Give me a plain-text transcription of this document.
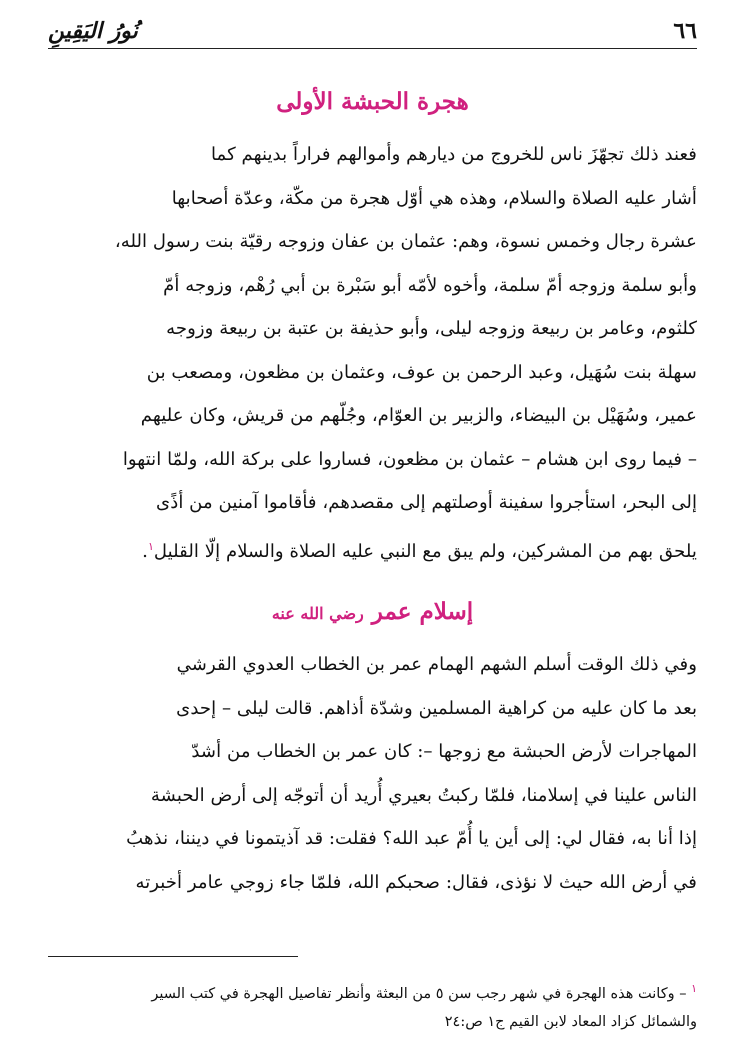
٦٦
نُورُ اليَقِينِ
هجرة الحبشة الأولى

فعند ذلك تجهّزَ ناس للخروج من ديارهم وأموالهم فراراً بدينهم كما
أشار عليه الصلاة والسلام، وهذه هي أوّل هجرة من مكّة، وعدّة أصحابها
عشرة رجال وخمس نسوة، وهم: عثمان بن عفان وزوجه رقيّة بنت رسول الله،
وأبو سلمة وزوجه أمّ سلمة، وأخوه لأمّه أبو سَبْرة بن أبي رُهْم، وزوجه أمّ
كلثوم، وعامر بن ربيعة وزوجه ليلى، وأبو حذيفة بن عتبة بن ربيعة وزوجه
سهلة بنت سُهَيل، وعبد الرحمن بن عوف، وعثمان بن مظعون، ومصعب بن
عمير، وسُهَيْل بن البيضاء، والزبير بن العوّام، وجُلّهم من قريش، وكان عليهم
– فيما روى ابن هشام – عثمان بن مظعون، فساروا على بركة الله، ولمّا انتهوا
إلى البحر، استأجروا سفينة أوصلتهم إلى مقصدهم، فأقاموا آمنين من أذًى
يلحق بهم من المشركين، ولم يبق مع النبي عليه الصلاة والسلام إلّا القليل$^١$.

إسلام عمر رضي الله عنه

وفي ذلك الوقت أسلم الشهم الهمام عمر بن الخطاب العدوي القرشي
بعد ما كان عليه من كراهية المسلمين وشدّة أذاهم. قالت ليلى – إحدى
المهاجرات لأرض الحبشة مع زوجها –: كان عمر بن الخطاب من أشدّ
الناس علينا في إسلامنا، فلمّا ركبتُ بعيري أُريد أن أتوجّه إلى أرض الحبشة
إذا أنا به، فقال لي: إلى أين يا أُمّ عبد الله؟ فقلت: قد آذيتمونا في ديننا، نذهبُ
في أرض الله حيث لا نؤذى، فقال: صحبكم الله، فلمّا جاء زوجي عامر أخبرته

$^١$ – وكانت هذه الهجرة في شهر رجب سن ٥ من البعثة وأنظر تفاصيل الهجرة في كتب السير
والشمائل كزاد المعاد لابن القيم ج١ ص:٢٤
